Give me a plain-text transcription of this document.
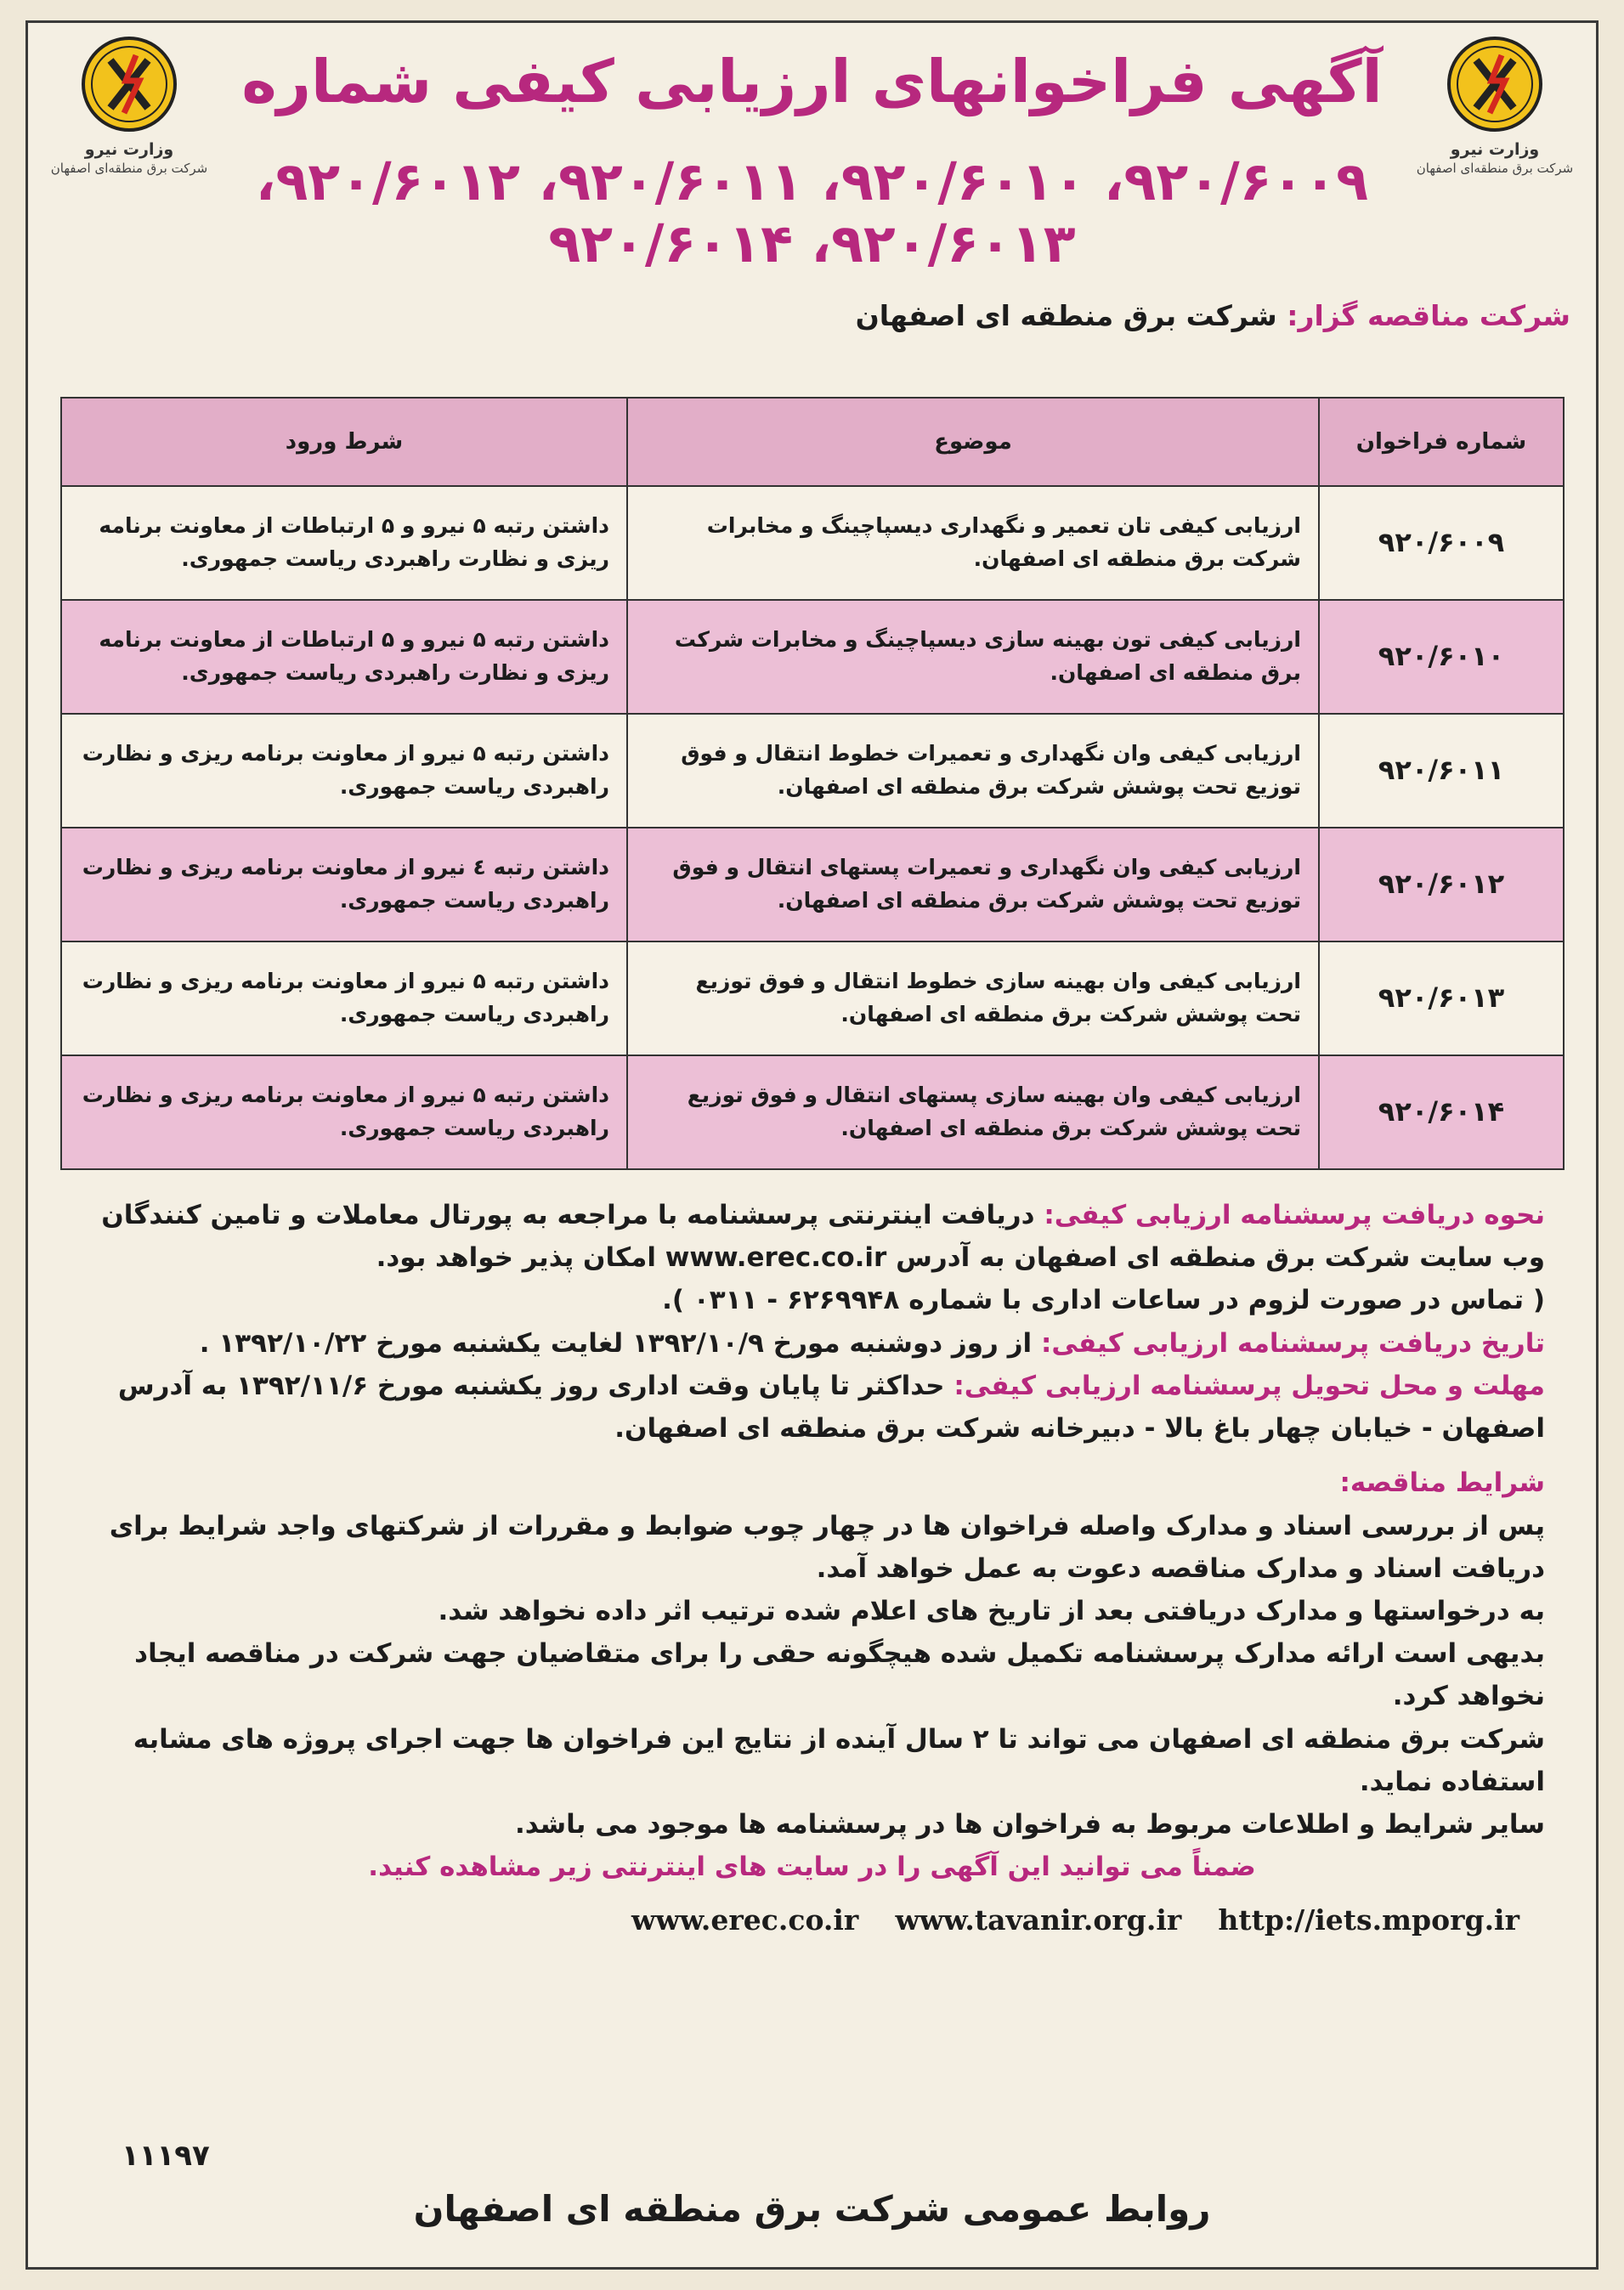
وزارت نیرو
شرکت برق منطقه‌ای اصفهان
وزارت نیرو
شرکت برق منطقه‌ای اصفهان
آگهی فراخوانهای ارزیابی کیفی شماره
۹۲۰/۶۰۰۹، ۹۲۰/۶۰۱۰، ۹۲۰/۶۰۱۱، ۹۲۰/۶۰۱۲، ۹۲۰/۶۰۱۳، ۹۲۰/۶۰۱۴
شرکت مناقصه گزار: شرکت برق منطقه ای اصفهان
شماره فراخوان	موضوع	شرط ورود
۹۲۰/۶۰۰۹	ارزیابی کیفی تان تعمیر و نگهداری دیسپاچینگ و مخابرات شرکت برق منطقه ای اصفهان.	داشتن رتبه ۵ نیرو و ۵ ارتباطات از معاونت برنامه ریزی و نظارت راهبردی ریاست جمهوری.
۹۲۰/۶۰۱۰	ارزیابی کیفی تون بهینه سازی دیسپاچینگ و مخابرات شرکت برق منطقه ای اصفهان.	داشتن رتبه ۵ نیرو و ۵ ارتباطات از معاونت برنامه ریزی و نظارت راهبردی ریاست جمهوری.
۹۲۰/۶۰۱۱	ارزیابی کیفی وان نگهداری و تعمیرات خطوط انتقال و فوق توزیع تحت پوشش شرکت برق منطقه ای اصفهان.	داشتن رتبه ۵ نیرو از معاونت برنامه ریزی و نظارت راهبردی ریاست جمهوری.
۹۲۰/۶۰۱۲	ارزیابی کیفی وان نگهداری و تعمیرات پستهای انتقال و فوق توزیع تحت پوشش شرکت برق منطقه ای اصفهان.	داشتن رتبه ٤ نیرو از معاونت برنامه ریزی و نظارت راهبردی ریاست جمهوری.
۹۲۰/۶۰۱۳	ارزیابی کیفی وان بهینه سازی خطوط انتقال و فوق توزیع تحت پوشش شرکت برق منطقه ای اصفهان.	داشتن رتبه ۵ نیرو از معاونت برنامه ریزی و نظارت راهبردی ریاست جمهوری.
۹۲۰/۶۰۱۴	ارزیابی کیفی وان بهینه سازی پستهای انتقال و فوق توزیع تحت پوشش شرکت برق منطقه ای اصفهان.	داشتن رتبه ۵ نیرو از معاونت برنامه ریزی و نظارت راهبردی ریاست جمهوری.

نحوه دریافت پرسشنامه ارزیابی کیفی: دریافت اینترنتی پرسشنامه با مراجعه به پورتال معاملات و تامین کنندگان وب سایت شرکت برق منطقه ای اصفهان به آدرس www.erec.co.ir امکان پذیر خواهد بود.

( تماس در صورت لزوم در ساعات اداری با شماره ۶۲۶۹۹۴۸ - ۰۳۱۱ ).

تاریخ دریافت پرسشنامه ارزیابی کیفی: از روز دوشنبه مورخ ۱۳۹۲/۱۰/۹ لغایت یکشنبه مورخ ۱۳۹۲/۱۰/۲۲ .

مهلت و محل تحویل پرسشنامه ارزیابی کیفی: حداکثر تا پایان وقت اداری روز یکشنبه مورخ ۱۳۹۲/۱۱/۶ به آدرس اصفهان - خیابان چهار باغ بالا - دبیرخانه شرکت برق منطقه ای اصفهان.

شرایط مناقصه:

پس از بررسی اسناد و مدارک واصله فراخوان ها در چهار چوب ضوابط و مقررات از شرکتهای واجد شرایط برای دریافت اسناد و مدارک مناقصه دعوت به عمل خواهد آمد.

به درخواستها و مدارک دریافتی بعد از تاریخ های اعلام شده ترتیب اثر داده نخواهد شد.

بدیهی است ارائه مدارک پرسشنامه تکمیل شده هیچگونه حقی را برای متقاضیان جهت شرکت در مناقصه ایجاد نخواهد کرد.

شرکت برق منطقه ای اصفهان می تواند تا ۲ سال آینده از نتایج این فراخوان ها جهت اجرای پروژه های مشابه استفاده نماید.

سایر شرایط و اطلاعات مربوط به فراخوان ها در پرسشنامه ها موجود می باشد.

ضمناً می توانید این آگهی را در سایت های اینترنتی زیر مشاهده کنید.

www.erec.co.ir www.tavanir.org.ir http://iets.mporg.ir
۱۱۱۹۷
روابط عمومی شرکت برق منطقه ای اصفهان
